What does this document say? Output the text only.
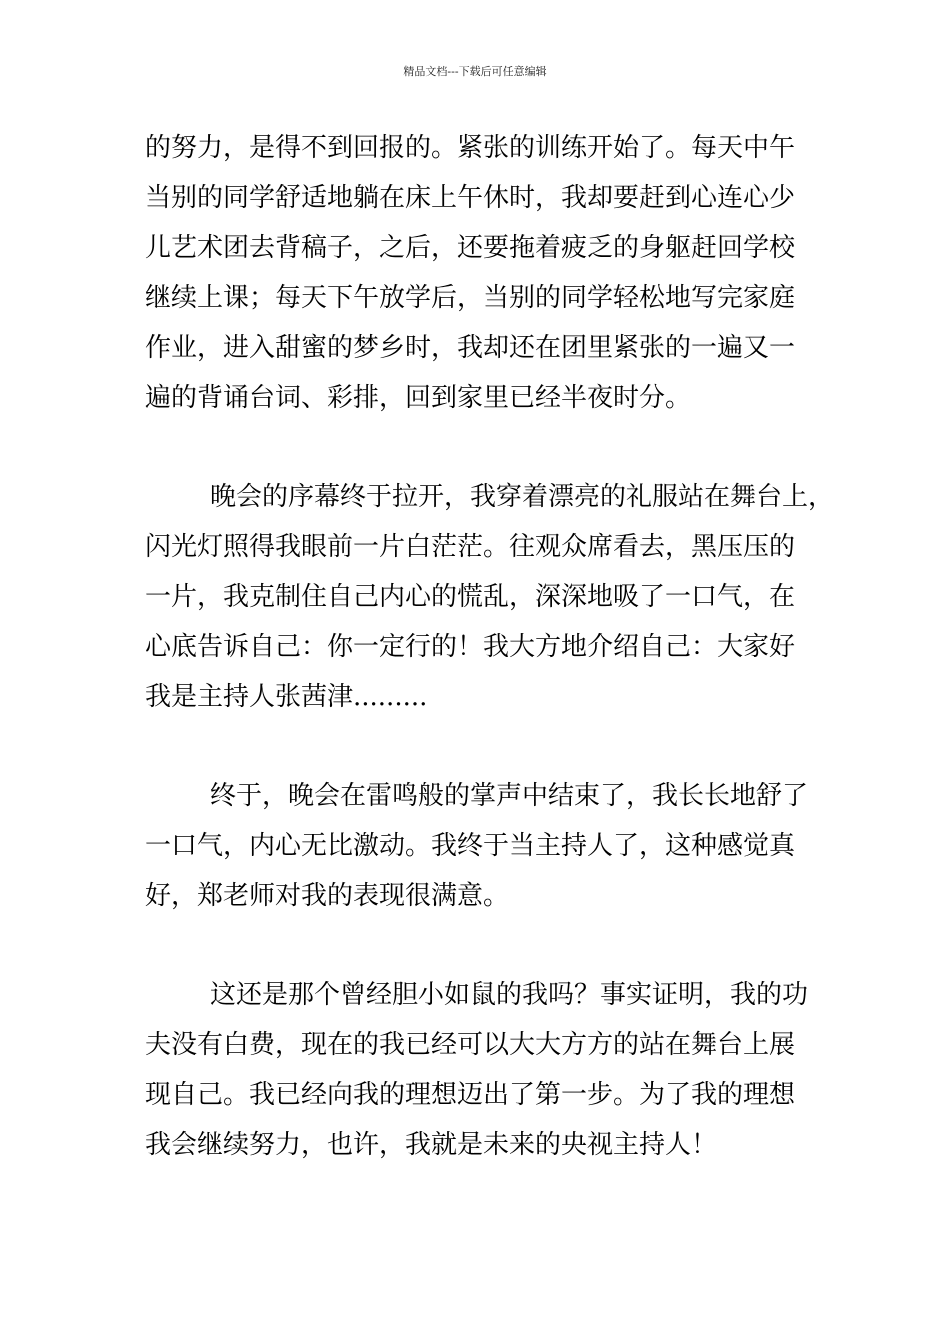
精品文档---下载后可任意编辑
的努力，是得不到回报的。紧张的训练开始了。每天中午
当别的同学舒适地躺在床上午休时，我却要赶到心连心少
儿艺术团去背稿子，之后，还要拖着疲乏的身躯赶回学校
继续上课；每天下午放学后，当别的同学轻松地写完家庭
作业，进入甜蜜的梦乡时，我却还在团里紧张的一遍又一
遍的背诵台词、彩排，回到家里已经半夜时分。
晚会的序幕终于拉开，我穿着漂亮的礼服站在舞台上，
闪光灯照得我眼前一片白茫茫。往观众席看去，黑压压的
一片，我克制住自己内心的慌乱，深深地吸了一口气，在
心底告诉自己：你一定行的！我大方地介绍自己：大家好
我是主持人张茜津.........
终于，晚会在雷鸣般的掌声中结束了，我长长地舒了
一口气，内心无比激动。我终于当主持人了，这种感觉真
好，郑老师对我的表现很满意。
这还是那个曾经胆小如鼠的我吗？事实证明，我的功
夫没有白费，现在的我已经可以大大方方的站在舞台上展
现自己。我已经向我的理想迈出了第一步。为了我的理想
我会继续努力，也许，我就是未来的央视主持人！
